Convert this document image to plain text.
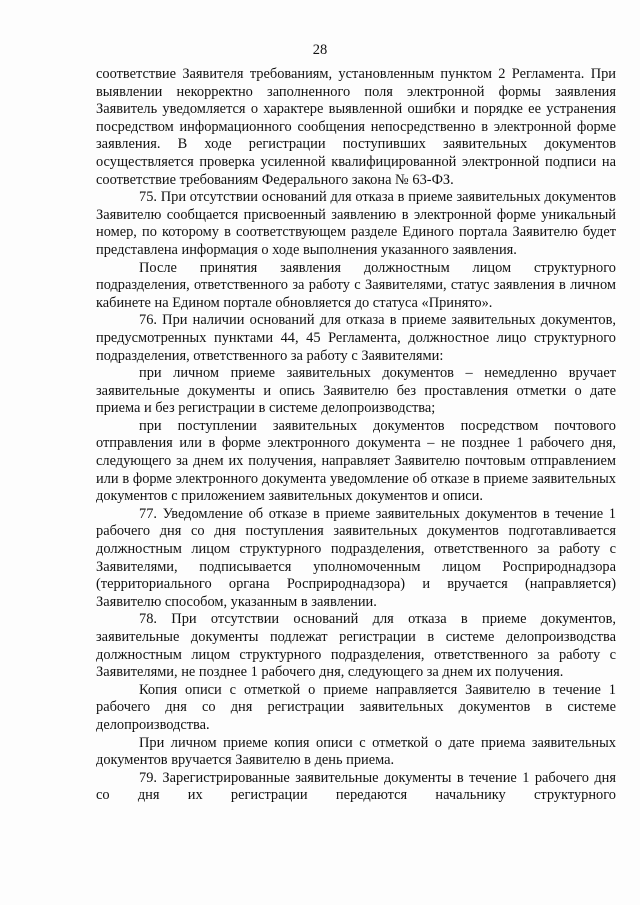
28

соответствие Заявителя требованиям, установленным пунктом 2 Регламента. При выявлении некорректно заполненного поля электронной формы заявления Заявитель уведомляется о характере выявленной ошибки и порядке ее устранения посредством информационного сообщения непосредственно в электронной форме заявления. В ходе регистрации поступивших заявительных документов осуществляется проверка усиленной квалифицированной электронной подписи на соответствие требованиям Федерального закона № 63-ФЗ.

75. При отсутствии оснований для отказа в приеме заявительных документов Заявителю сообщается присвоенный заявлению в электронной форме уникальный номер, по которому в соответствующем разделе Единого портала Заявителю будет представлена информация о ходе выполнения указанного заявления.

После принятия заявления должностным лицом структурного подразделения, ответственного за работу с Заявителями, статус заявления в личном кабинете на Едином портале обновляется до статуса «Принято».

76. При наличии оснований для отказа в приеме заявительных документов, предусмотренных пунктами 44, 45 Регламента, должностное лицо структурного подразделения, ответственного за работу с Заявителями:

при личном приеме заявительных документов – немедленно вручает заявительные документы и опись Заявителю без проставления отметки о дате приема и без регистрации в системе делопроизводства;

при поступлении заявительных документов посредством почтового отправления или в форме электронного документа – не позднее 1 рабочего дня, следующего за днем их получения, направляет Заявителю почтовым отправлением или в форме электронного документа уведомление об отказе в приеме заявительных документов с приложением заявительных документов и описи.

77. Уведомление об отказе в приеме заявительных документов в течение 1 рабочего дня со дня поступления заявительных документов подготавливается должностным лицом структурного подразделения, ответственного за работу с Заявителями, подписывается уполномоченным лицом Росприроднадзора (территориального органа Росприроднадзора) и вручается (направляется) Заявителю способом, указанным в заявлении.

78. При отсутствии оснований для отказа в приеме документов, заявительные документы подлежат регистрации в системе делопроизводства должностным лицом структурного подразделения, ответственного за работу с Заявителями, не позднее 1 рабочего дня, следующего за днем их получения.

Копия описи с отметкой о приеме направляется Заявителю в течение 1 рабочего дня со дня регистрации заявительных документов в системе делопроизводства.

При личном приеме копия описи с отметкой о дате приема заявительных документов вручается Заявителю в день приема.

79. Зарегистрированные заявительные документы в течение 1 рабочего дня со дня их регистрации передаются начальнику структурного
